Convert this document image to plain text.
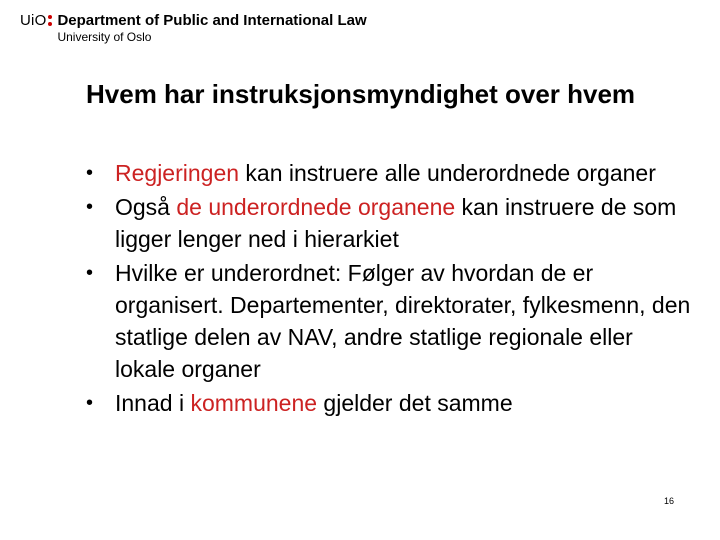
UiO Department of Public and International Law
University of Oslo
Hvem har instruksjonsmyndighet over hvem
• Regjeringen kan instruere alle underordnede organer
• Også de underordnede organene kan instruere de som ligger lenger ned i hierarkiet
• Hvilke er underordnet: Følger av hvordan de er organisert. Departementer, direktorater, fylkesmenn, den statlige delen av NAV, andre statlige regionale eller lokale organer
• Innad i kommunene gjelder det samme
16
